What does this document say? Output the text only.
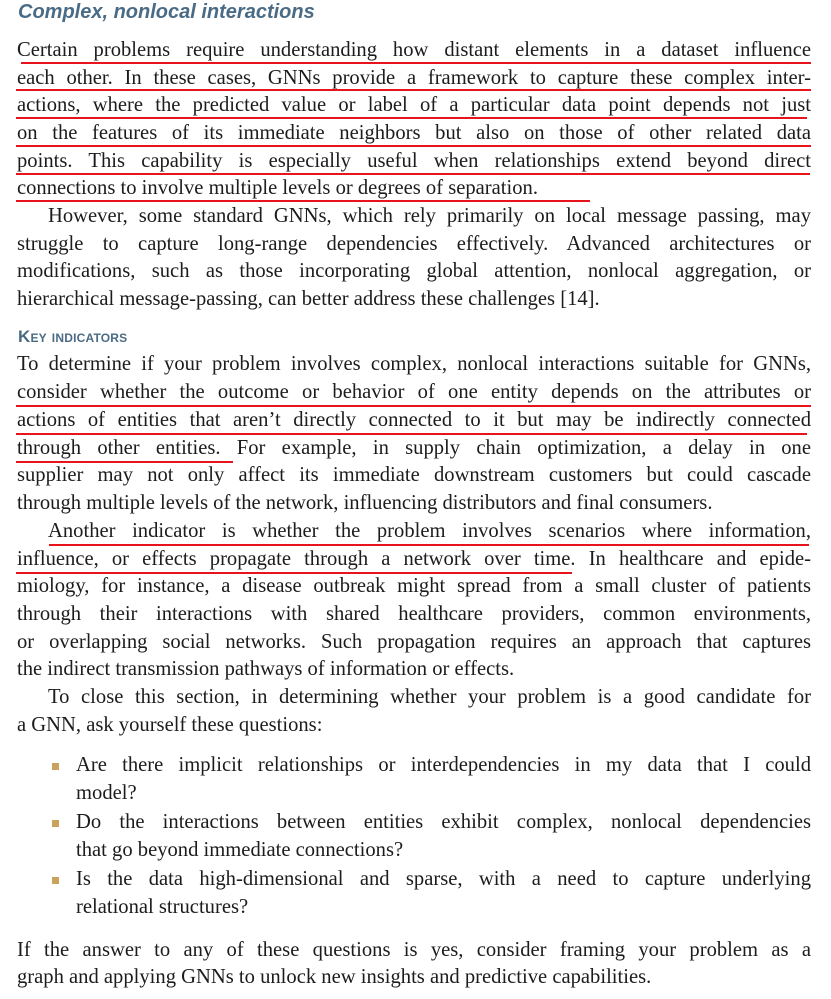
Complex, nonlocal interactions
Certain problems require understanding how distant elements in a dataset influence
each other. In these cases, GNNs provide a framework to capture these complex inter-
actions, where the predicted value or label of a particular data point depends not just
on the features of its immediate neighbors but also on those of other related data
points. This capability is especially useful when relationships extend beyond direct
connections to involve multiple levels or degrees of separation.
However, some standard GNNs, which rely primarily on local message passing, may
struggle to capture long-range dependencies effectively. Advanced architectures or
modifications, such as those incorporating global attention, nonlocal aggregation, or
hierarchical message-passing, can better address these challenges [14].
Key indicators
To determine if your problem involves complex, nonlocal interactions suitable for GNNs,
consider whether the outcome or behavior of one entity depends on the attributes or
actions of entities that aren’t directly connected to it but may be indirectly connected
through other entities. For example, in supply chain optimization, a delay in one
supplier may not only affect its immediate downstream customers but could cascade
through multiple levels of the network, influencing distributors and final consumers.
Another indicator is whether the problem involves scenarios where information,
influence, or effects propagate through a network over time. In healthcare and epide-
miology, for instance, a disease outbreak might spread from a small cluster of patients
through their interactions with shared healthcare providers, common environments,
or overlapping social networks. Such propagation requires an approach that captures
the indirect transmission pathways of information or effects.
To close this section, in determining whether your problem is a good candidate for
a GNN, ask yourself these questions:
Are there implicit relationships or interdependencies in my data that I could
model?
Do the interactions between entities exhibit complex, nonlocal dependencies
that go beyond immediate connections?
Is the data high-dimensional and sparse, with a need to capture underlying
relational structures?
If the answer to any of these questions is yes, consider framing your problem as a
graph and applying GNNs to unlock new insights and predictive capabilities.
